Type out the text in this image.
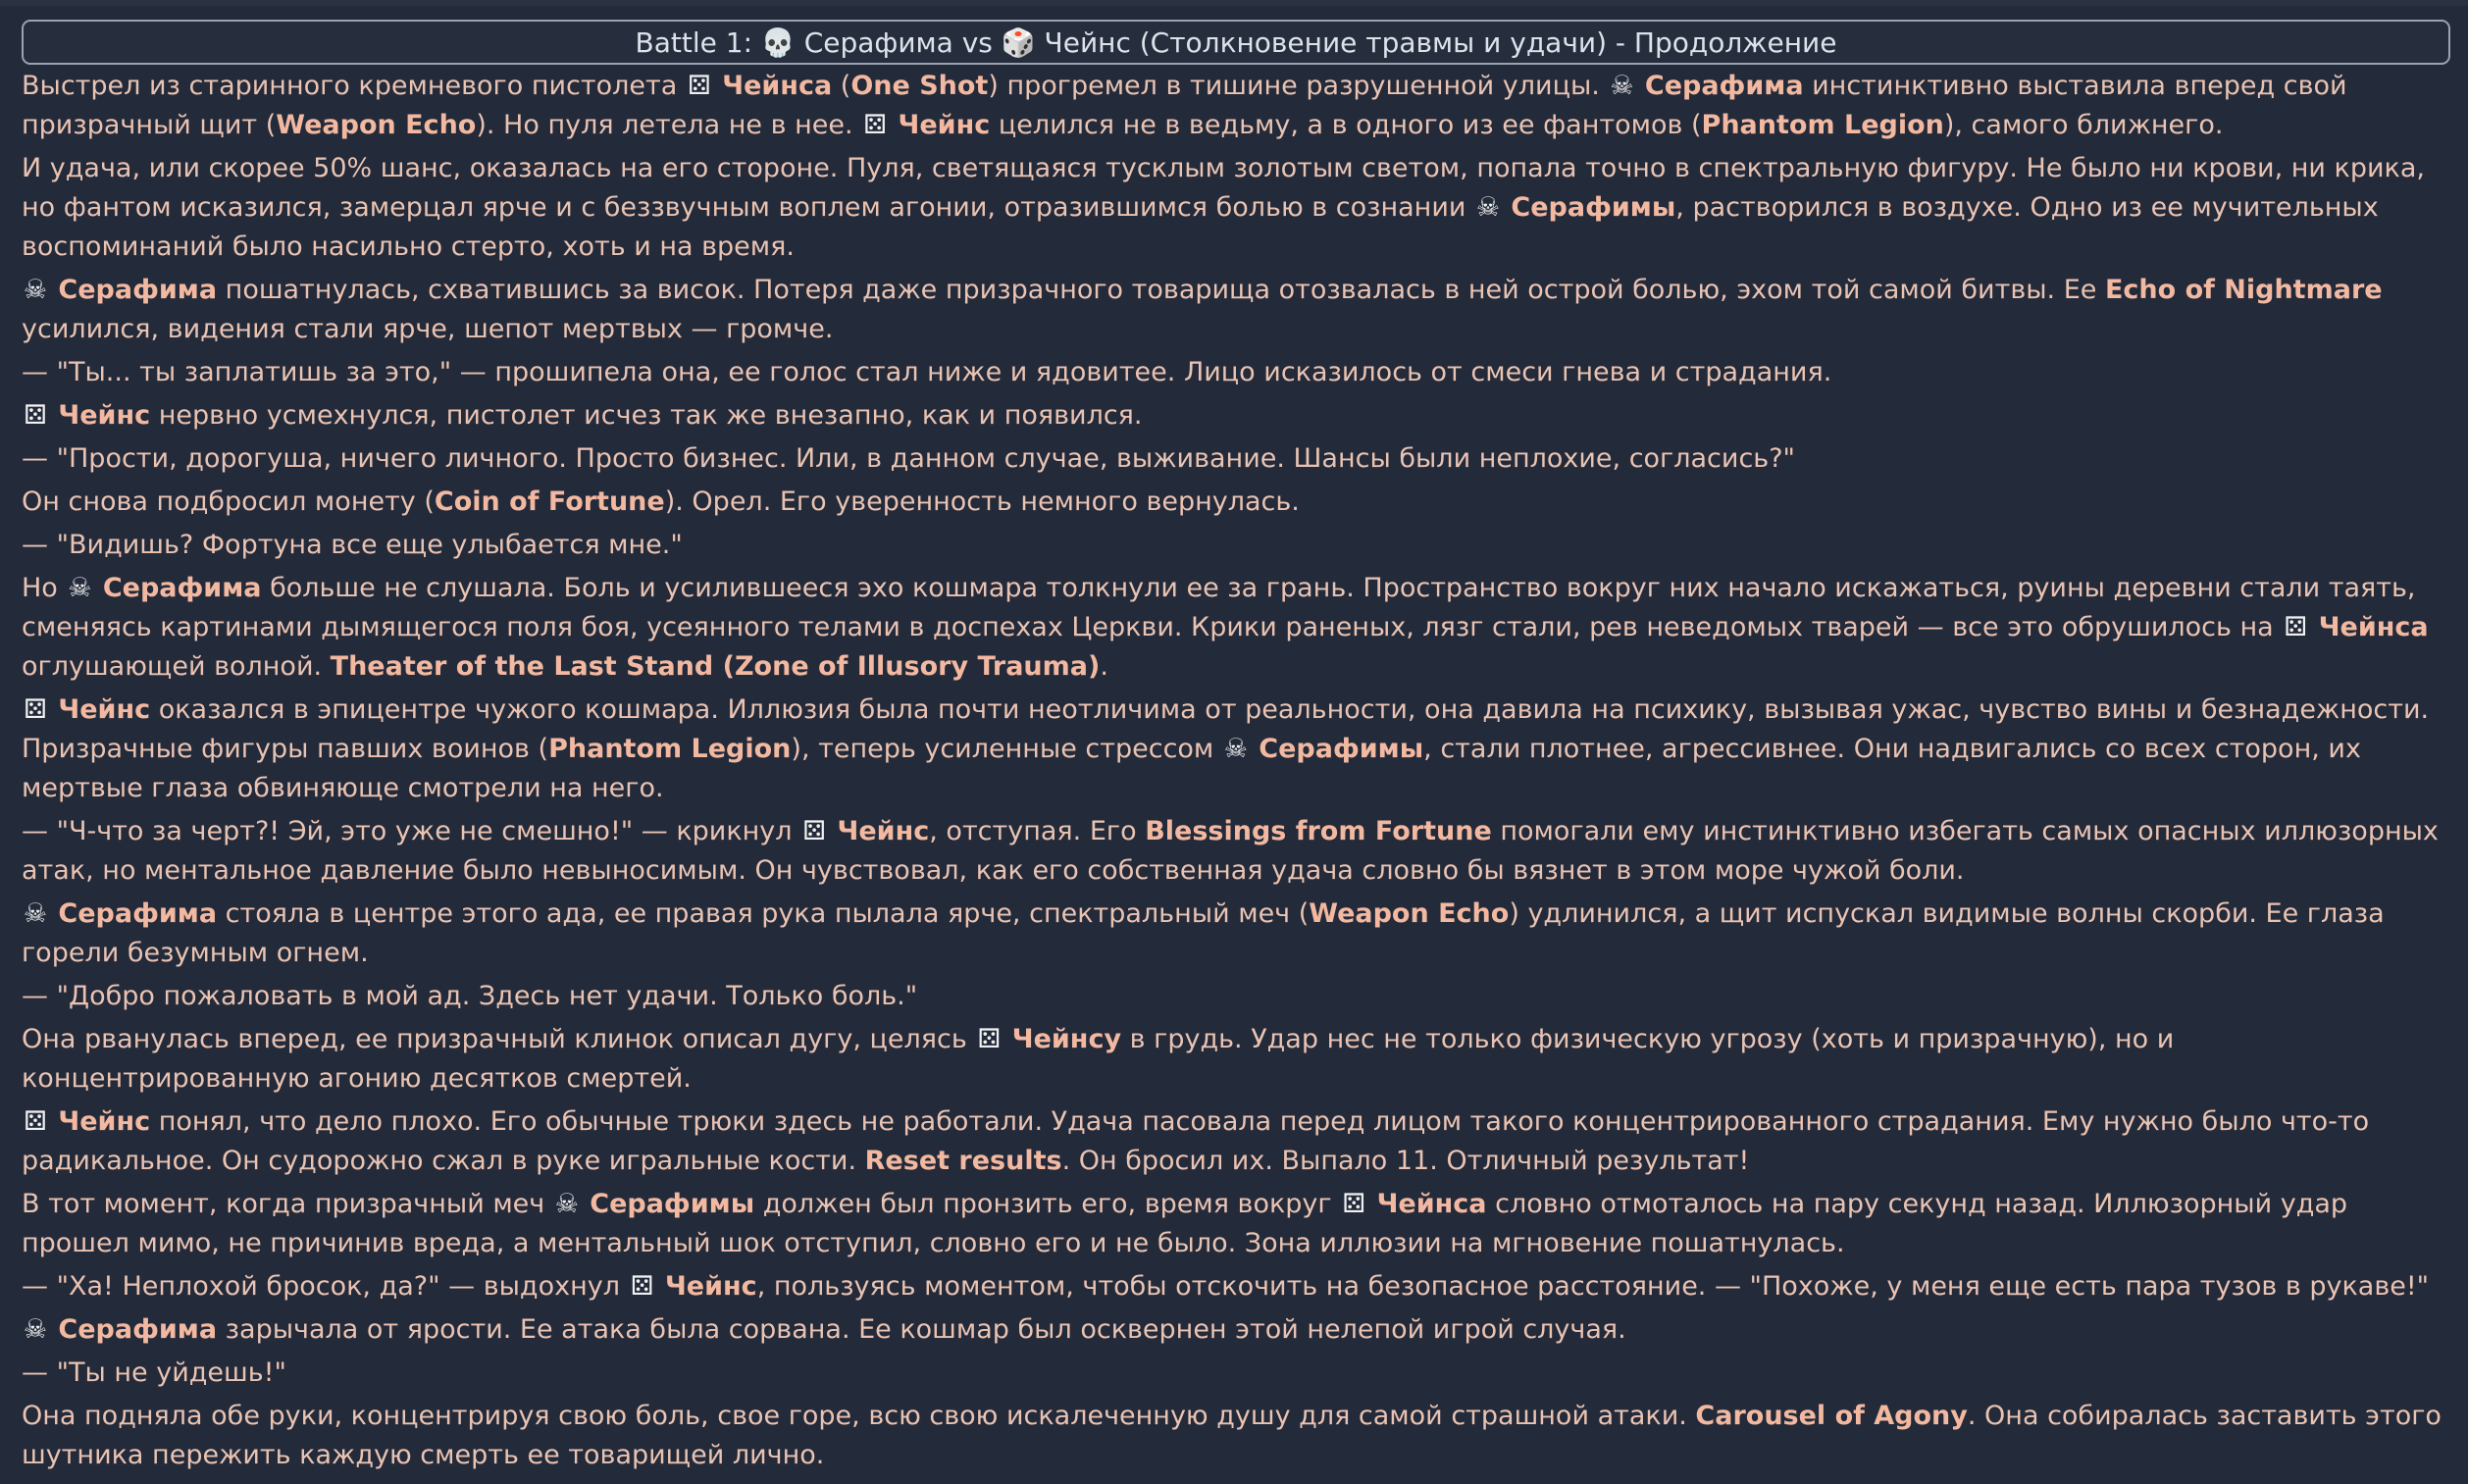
Battle 1: 💀 Серафима vs 🎲 Чейнс (Столкновение травмы и удачи) - Продолжение

Выстрел из старинного кремневого пистолета ⚄ Чейнса (One Shot) прогремел в тишине разрушенной улицы. ☠ Серафима инстинктивно выставила вперед свой призрачный щит (Weapon Echo). Но пуля летела не в нее. ⚄ Чейнс целился не в ведьму, а в одного из ее фантомов (Phantom Legion), самого ближнего.

И удача, или скорее 50% шанс, оказалась на его стороне. Пуля, светящаяся тусклым золотым светом, попала точно в спектральную фигуру. Не было ни крови, ни крика, но фантом исказился, замерцал ярче и с беззвучным воплем агонии, отразившимся болью в сознании ☠ Серафимы, растворился в воздухе. Одно из ее мучительных воспоминаний было насильно стерто, хоть и на время.

☠ Серафима пошатнулась, схватившись за висок. Потеря даже призрачного товарища отозвалась в ней острой болью, эхом той самой битвы. Ее Echo of Nightmare усилился, видения стали ярче, шепот мертвых — громче.

— "Ты... ты заплатишь за это," — прошипела она, ее голос стал ниже и ядовитее. Лицо исказилось от смеси гнева и страдания.

⚄ Чейнс нервно усмехнулся, пистолет исчез так же внезапно, как и появился.

— "Прости, дорогуша, ничего личного. Просто бизнес. Или, в данном случае, выживание. Шансы были неплохие, согласись?"

Он снова подбросил монету (Coin of Fortune). Орел. Его уверенность немного вернулась.

— "Видишь? Фортуна все еще улыбается мне."

Но ☠ Серафима больше не слушала. Боль и усилившееся эхо кошмара толкнули ее за грань. Пространство вокруг них начало искажаться, руины деревни стали таять, сменяясь картинами дымящегося поля боя, усеянного телами в доспехах Церкви. Крики раненых, лязг стали, рев неведомых тварей — все это обрушилось на ⚄ Чейнса оглушающей волной. Theater of the Last Stand (Zone of Illusory Trauma).

⚄ Чейнс оказался в эпицентре чужого кошмара. Иллюзия была почти неотличима от реальности, она давила на психику, вызывая ужас, чувство вины и безнадежности. Призрачные фигуры павших воинов (Phantom Legion), теперь усиленные стрессом ☠ Серафимы, стали плотнее, агрессивнее. Они надвигались со всех сторон, их мертвые глаза обвиняюще смотрели на него.

— "Ч-что за черт?! Эй, это уже не смешно!" — крикнул ⚄ Чейнс, отступая. Его Blessings from Fortune помогали ему инстинктивно избегать самых опасных иллюзорных атак, но ментальное давление было невыносимым. Он чувствовал, как его собственная удача словно бы вязнет в этом море чужой боли.

☠ Серафима стояла в центре этого ада, ее правая рука пылала ярче, спектральный меч (Weapon Echo) удлинился, а щит испускал видимые волны скорби. Ее глаза горели безумным огнем.

— "Добро пожаловать в мой ад. Здесь нет удачи. Только боль."

Она рванулась вперед, ее призрачный клинок описал дугу, целясь ⚄ Чейнсу в грудь. Удар нес не только физическую угрозу (хоть и призрачную), но и концентрированную агонию десятков смертей.

⚄ Чейнс понял, что дело плохо. Его обычные трюки здесь не работали. Удача пасовала перед лицом такого концентрированного страдания. Ему нужно было что-то радикальное. Он судорожно сжал в руке игральные кости. Reset results. Он бросил их. Выпало 11. Отличный результат!

В тот момент, когда призрачный меч ☠ Серафимы должен был пронзить его, время вокруг ⚄ Чейнса словно отмоталось на пару секунд назад. Иллюзорный удар прошел мимо, не причинив вреда, а ментальный шок отступил, словно его и не было. Зона иллюзии на мгновение пошатнулась.

— "Ха! Неплохой бросок, да?" — выдохнул ⚄ Чейнс, пользуясь моментом, чтобы отскочить на безопасное расстояние. — "Похоже, у меня еще есть пара тузов в рукаве!"

☠ Серафима зарычала от ярости. Ее атака была сорвана. Ее кошмар был осквернен этой нелепой игрой случая.

— "Ты не уйдешь!"

Она подняла обе руки, концентрируя свою боль, свое горе, всю свою искалеченную душу для самой страшной атаки. Carousel of Agony. Она собиралась заставить этого шутника пережить каждую смерть ее товарищей лично.
